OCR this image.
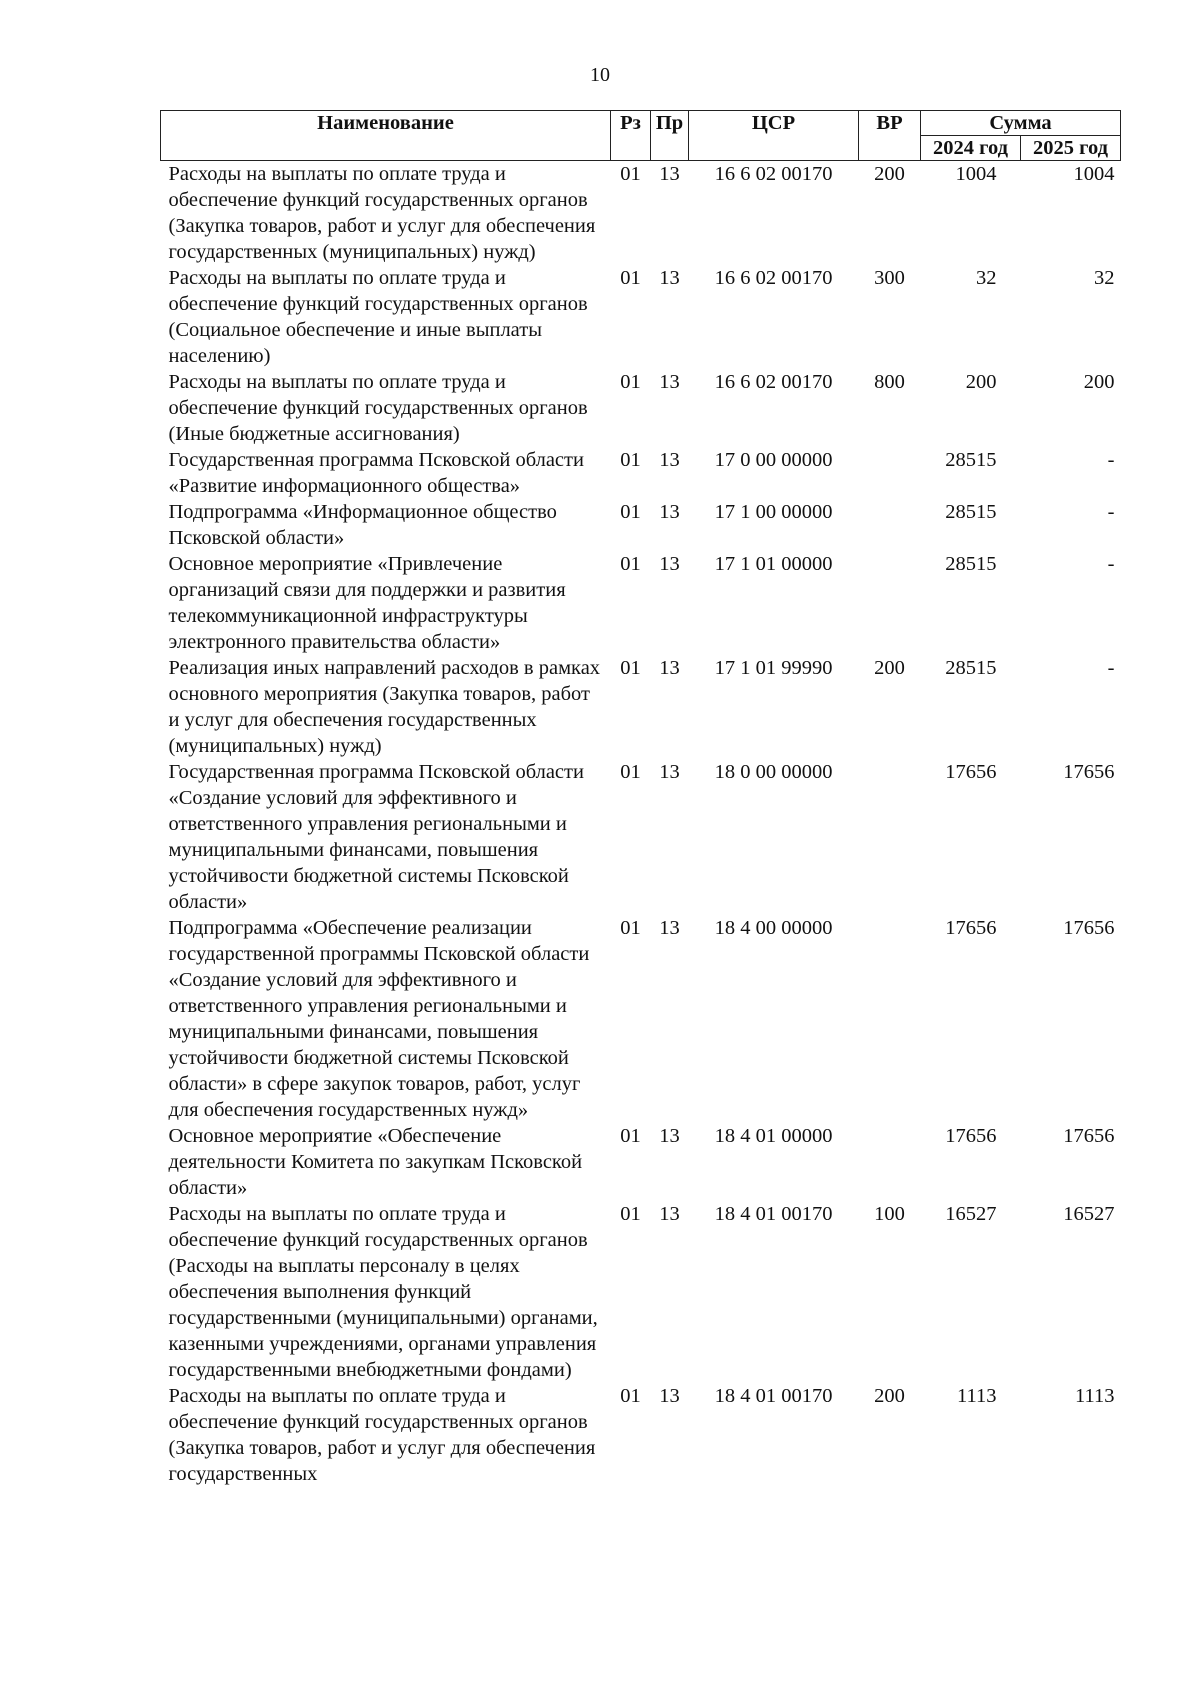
10
Наименование	Рз	Пр	ЦСР	ВР	Сумма	
					2024 год	2025 год
Расходы на выплаты по оплате труда и обеспечение функций государственных органов (Закупка товаров, работ и услуг для обеспечения государственных (муниципальных) нужд)	01	13	16 6 02 00170	200	1004	1004
Расходы на выплаты по оплате труда и обеспечение функций государственных органов (Социальное обеспечение и иные выплаты населению)	01	13	16 6 02 00170	300	32	32
Расходы на выплаты по оплате труда и обеспечение функций государственных органов (Иные бюджетные ассигнования)	01	13	16 6 02 00170	800	200	200
Государственная программа Псковской области «Развитие информационного общества»	01	13	17 0 00 00000		28515	-
Подпрограмма «Информационное общество Псковской области»	01	13	17 1 00 00000		28515	-
Основное мероприятие «Привлечение организаций связи для поддержки и развития телекоммуникационной инфраструктуры электронного правительства области»	01	13	17 1 01 00000		28515	-
Реализация иных направлений расходов в рамках основного мероприятия (Закупка товаров, работ и услуг для обеспечения государственных (муниципальных) нужд)	01	13	17 1 01 99990	200	28515	-
Государственная программа Псковской области «Создание условий для эффективного и ответственного управления региональными и муниципальными финансами, повышения устойчивости бюджетной системы Псковской области»	01	13	18 0 00 00000		17656	17656
Подпрограмма «Обеспечение реализации государственной программы Псковской области «Создание условий для эффективного и ответственного управления региональными и муниципальными финансами, повышения устойчивости бюджетной системы Псковской области» в сфере закупок товаров, работ, услуг для обеспечения государственных нужд»	01	13	18 4 00 00000		17656	17656
Основное мероприятие «Обеспечение деятельности Комитета по закупкам Псковской области»	01	13	18 4 01 00000		17656	17656
Расходы на выплаты по оплате труда и обеспечение функций государственных органов (Расходы на выплаты персоналу в целях обеспечения выполнения функций государственными (муниципальными) органами, казенными учреждениями, органами управления государственными внебюджетными фондами)	01	13	18 4 01 00170	100	16527	16527
Расходы на выплаты по оплате труда и обеспечение функций государственных органов (Закупка товаров, работ и услуг для обеспечения государственных	01	13	18 4 01 00170	200	1113	1113
